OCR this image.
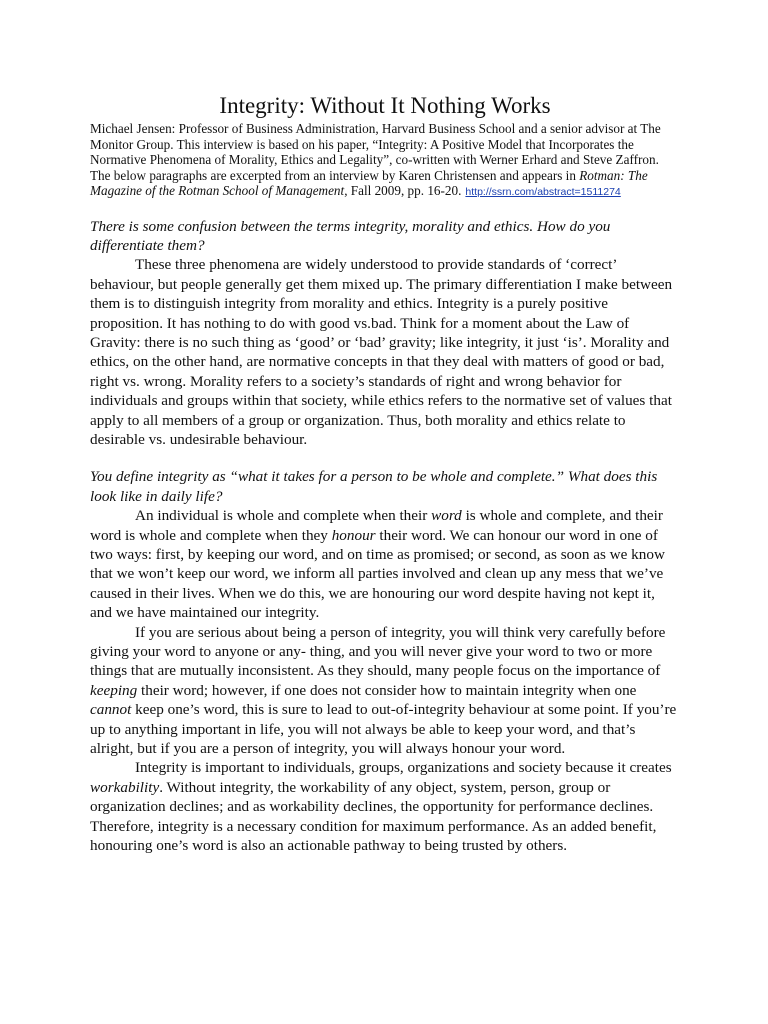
Integrity: Without It Nothing Works

Michael Jensen: Professor of Business Administration, Harvard Business School and a senior advisor at The Monitor Group. This interview is based on his paper, “Integrity: A Positive Model that Incorporates the Normative Phenomena of Morality, Ethics and Legality”, co-written with Werner Erhard and Steve Zaffron.

The below paragraphs are excerpted from an interview by Karen Christensen and appears in Rotman: The Magazine of the Rotman School of Management, Fall 2009, pp. 16-20. http://ssrn.com/abstract=1511274

There is some confusion between the terms integrity, morality and ethics. How do you differentiate them?

These three phenomena are widely understood to provide standards of ‘correct’ behaviour, but people generally get them mixed up. The primary differentiation I make between them is to distinguish integrity from morality and ethics. Integrity is a purely positive proposition. It has nothing to do with good vs.bad. Think for a moment about the Law of Gravity: there is no such thing as ‘good’ or ‘bad’ gravity; like integrity, it just ‘is’. Morality and ethics, on the other hand, are normative concepts in that they deal with matters of good or bad, right vs. wrong. Morality refers to a society’s standards of right and wrong behavior for individuals and groups within that society, while ethics refers to the normative set of values that apply to all members of a group or organization. Thus, both morality and ethics relate to desirable vs. undesirable behaviour.

You define integrity as “what it takes for a person to be whole and complete.” What does this look like in daily life?

An individual is whole and complete when their word is whole and complete, and their word is whole and complete when they honour their word. We can honour our word in one of two ways: first, by keeping our word, and on time as promised; or second, as soon as we know that we won’t keep our word, we inform all parties involved and clean up any mess that we’ve caused in their lives. When we do this, we are honouring our word despite having not kept it, and we have maintained our integrity.

If you are serious about being a person of integrity, you will think very carefully before giving your word to anyone or any- thing, and you will never give your word to two or more things that are mutually inconsistent. As they should, many people focus on the importance of keeping their word; however, if one does not consider how to maintain integrity when one cannot keep one’s word, this is sure to lead to out-of-integrity behaviour at some point. If you’re up to anything important in life, you will not always be able to keep your word, and that’s alright, but if you are a person of integrity, you will always honour your word.

Integrity is important to individuals, groups, organizations and society because it creates workability. Without integrity, the workability of any object, system, person, group or organization declines; and as workability declines, the opportunity for performance declines. Therefore, integrity is a necessary condition for maximum performance. As an added benefit, honouring one’s word is also an actionable pathway to being trusted by others.
